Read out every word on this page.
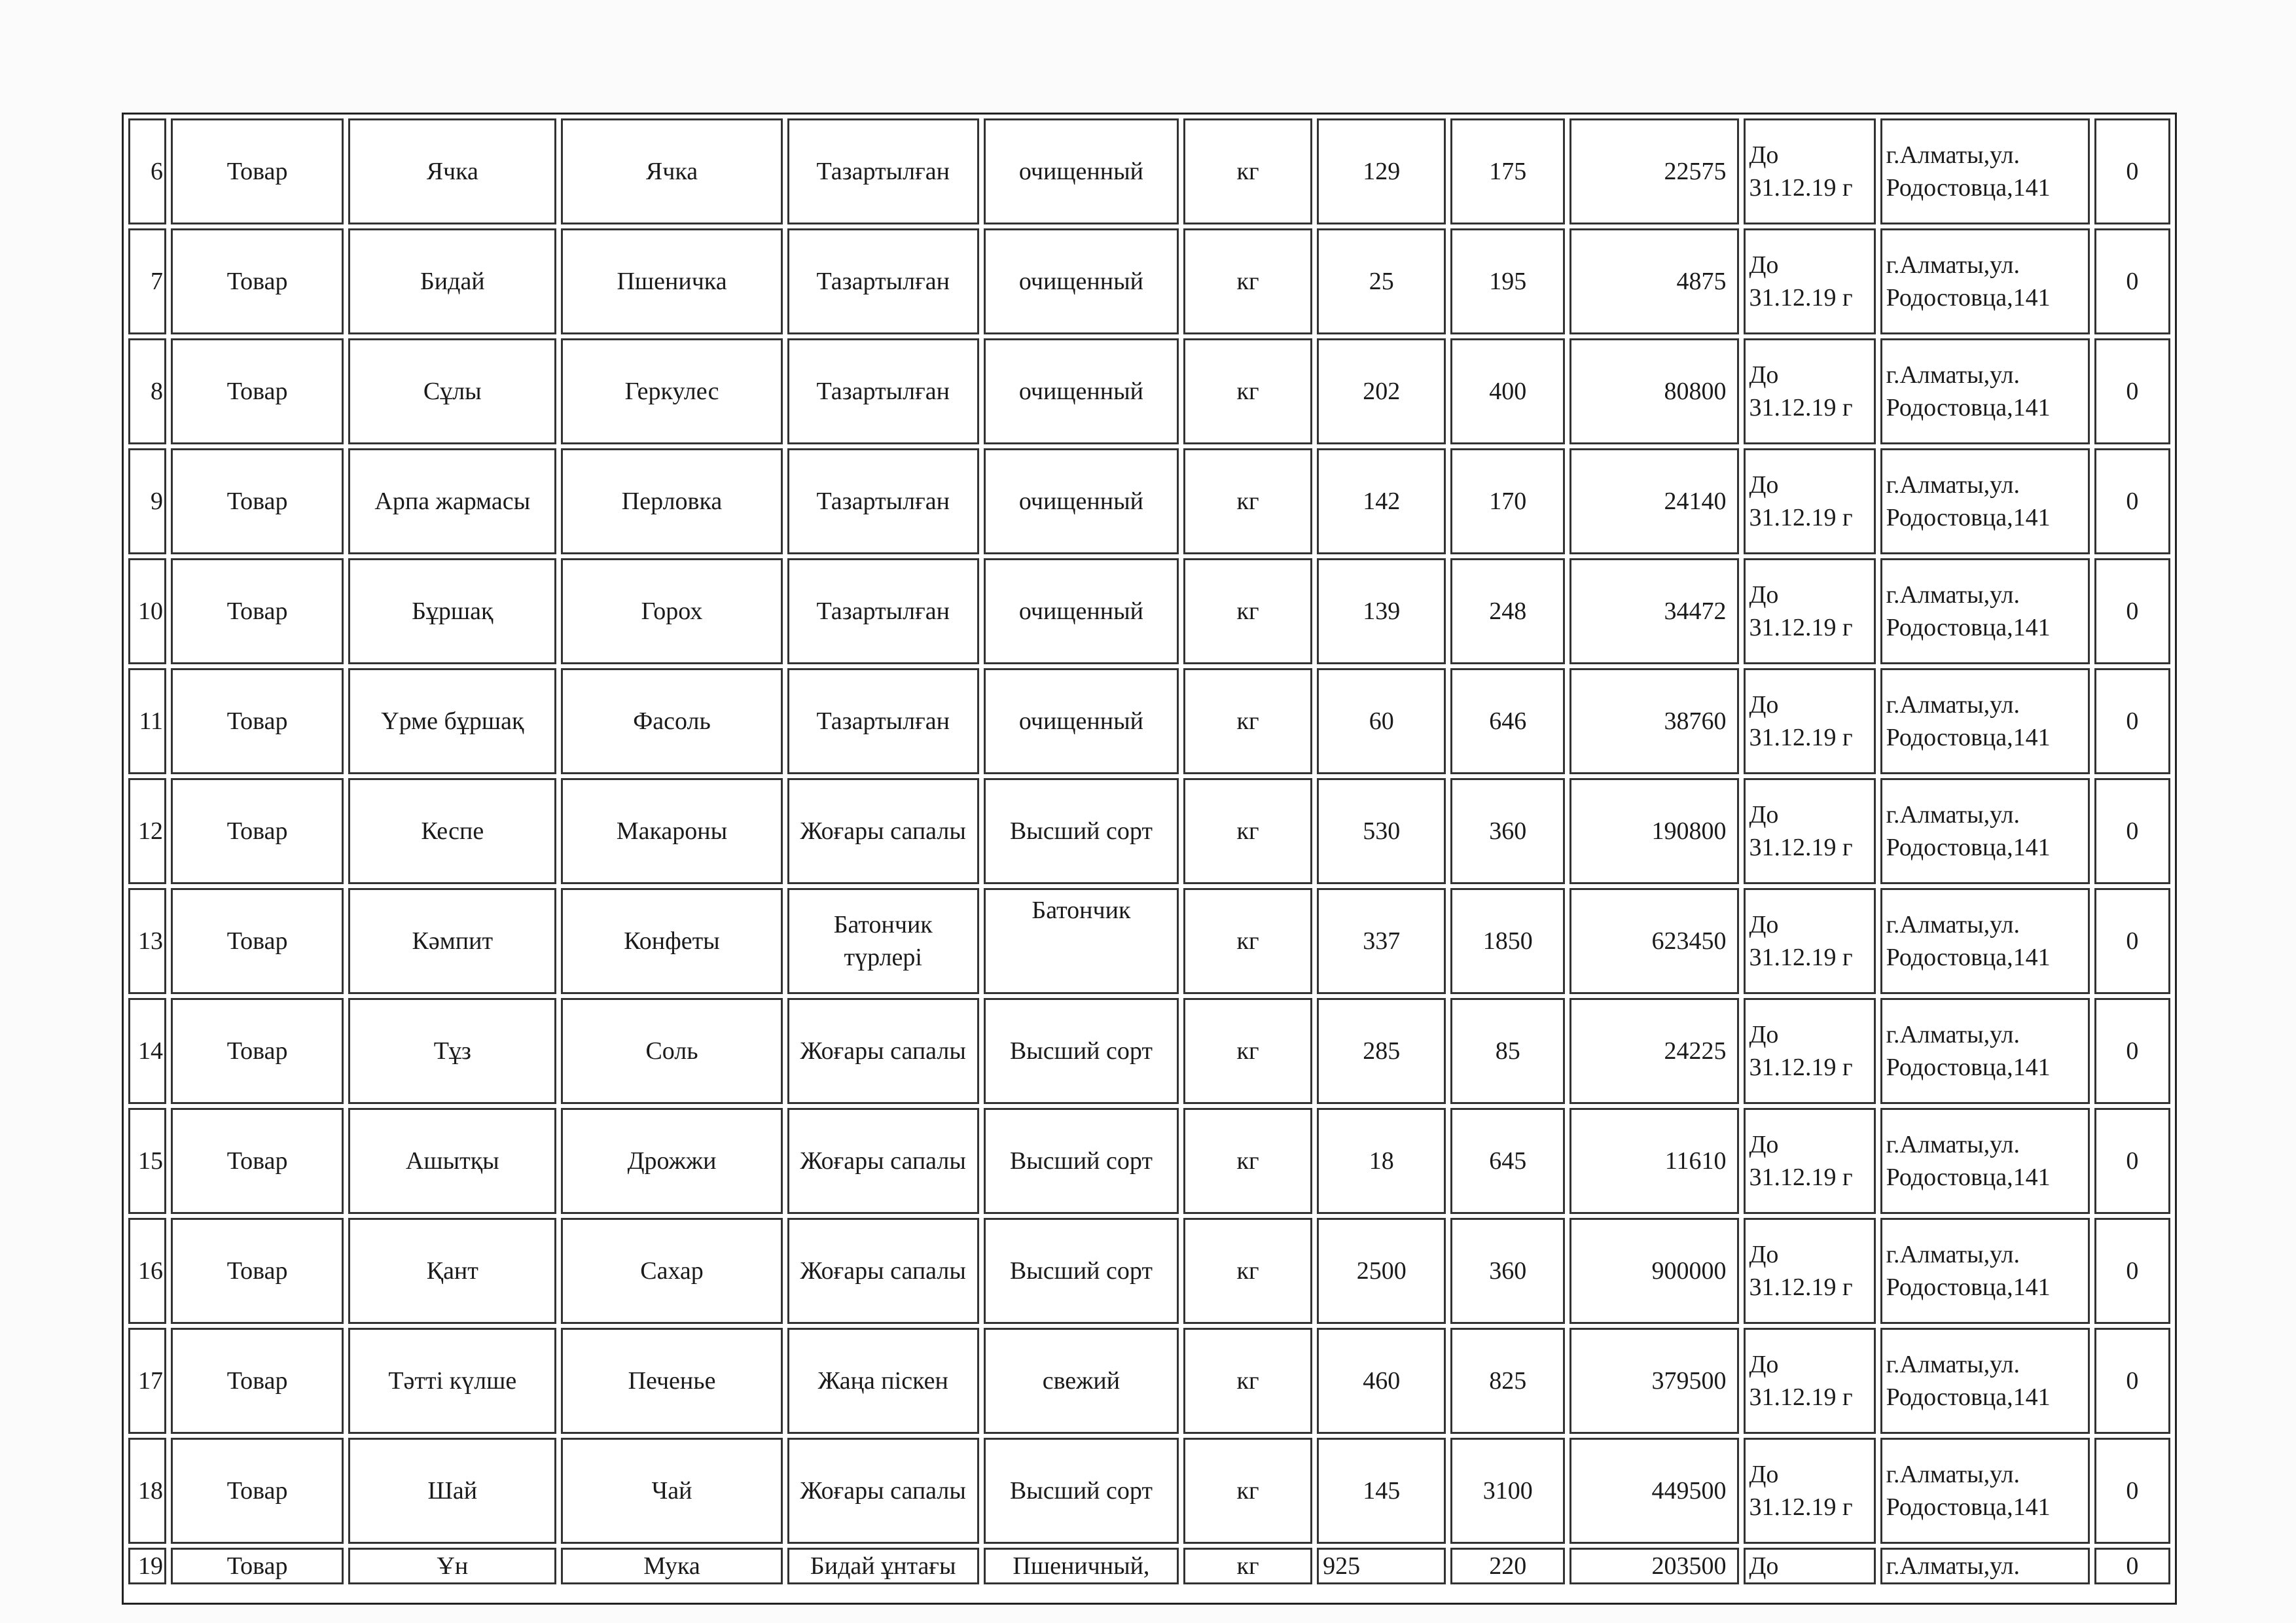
6	Товар	Ячка	Ячка	Тазартылған	очищенный	кг	129	175	22575	До 31.12.19 г	г.Алматы,ул. Родостовца,141	0
7	Товар	Бидай	Пшеничка	Тазартылған	очищенный	кг	25	195	4875	До 31.12.19 г	г.Алматы,ул. Родостовца,141	0
8	Товар	Сұлы	Геркулес	Тазартылған	очищенный	кг	202	400	80800	До 31.12.19 г	г.Алматы,ул. Родостовца,141	0
9	Товар	Арпа жармасы	Перловка	Тазартылған	очищенный	кг	142	170	24140	До 31.12.19 г	г.Алматы,ул. Родостовца,141	0
10	Товар	Бұршақ	Горох	Тазартылған	очищенный	кг	139	248	34472	До 31.12.19 г	г.Алматы,ул. Родостовца,141	0
11	Товар	Үрме бұршақ	Фасоль	Тазартылған	очищенный	кг	60	646	38760	До 31.12.19 г	г.Алматы,ул. Родостовца,141	0
12	Товар	Кеспе	Макароны	Жоғары сапалы	Высший сорт	кг	530	360	190800	До 31.12.19 г	г.Алматы,ул. Родостовца,141	0
13	Товар	Кәмпит	Конфеты	Батончик түрлері	Батончик	кг	337	1850	623450	До 31.12.19 г	г.Алматы,ул. Родостовца,141	0
14	Товар	Тұз	Соль	Жоғары сапалы	Высший сорт	кг	285	85	24225	До 31.12.19 г	г.Алматы,ул. Родостовца,141	0
15	Товар	Ашытқы	Дрожжи	Жоғары сапалы	Высший сорт	кг	18	645	11610	До 31.12.19 г	г.Алматы,ул. Родостовца,141	0
16	Товар	Қант	Сахар	Жоғары сапалы	Высший сорт	кг	2500	360	900000	До 31.12.19 г	г.Алматы,ул. Родостовца,141	0
17	Товар	Тәтті күлше	Печенье	Жаңа піскен	свежий	кг	460	825	379500	До 31.12.19 г	г.Алматы,ул. Родостовца,141	0
18	Товар	Шай	Чай	Жоғары сапалы	Высший сорт	кг	145	3100	449500	До 31.12.19 г	г.Алматы,ул. Родостовца,141	0
19	Товар	Ұн	Мука	Бидай ұнтағы	Пшеничный,	кг	925	220	203500	До	г.Алматы,ул.	0
